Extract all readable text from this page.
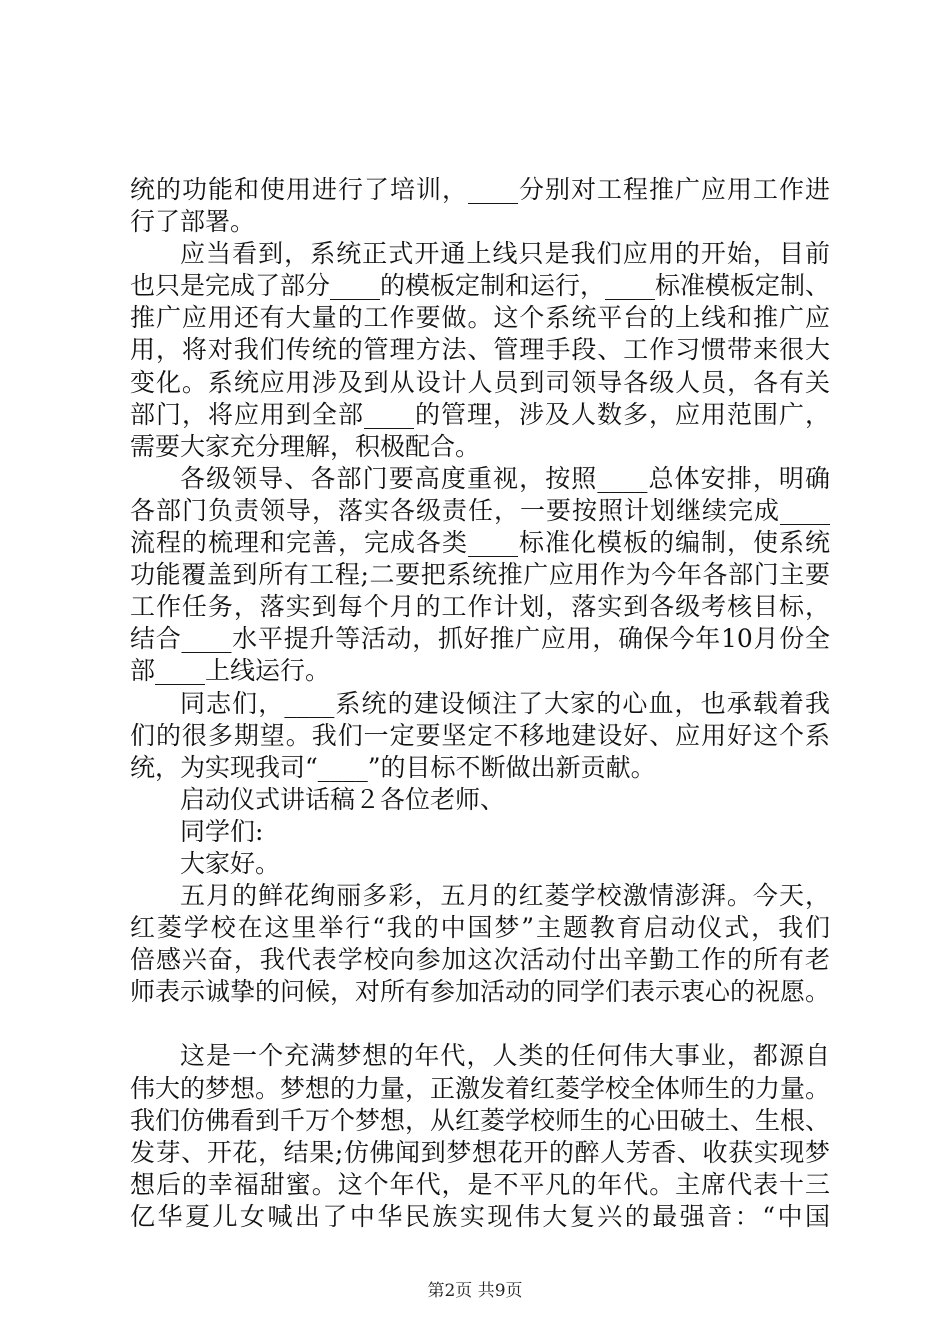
统的功能和使用进行了培训，____分别对工程推广应用工作进
行了部署。
应当看到，系统正式开通上线只是我们应用的开始，目前
也只是完成了部分____的模板定制和运行，____标准模板定制、
推广应用还有大量的工作要做。这个系统平台的上线和推广应
用，将对我们传统的管理方法、管理手段、工作习惯带来很大
变化。系统应用涉及到从设计人员到司领导各级人员，各有关
部门，将应用到全部____的管理，涉及人数多，应用范围广，
需要大家充分理解，积极配合。
各级领导、各部门要高度重视，按照____总体安排，明确
各部门负责领导，落实各级责任，一要按照计划继续完成____
流程的梳理和完善，完成各类____标准化模板的编制，使系统
功能覆盖到所有工程;二要把系统推广应用作为今年各部门主要
工作任务，落实到每个月的工作计划，落实到各级考核目标，
结合____水平提升等活动，抓好推广应用，确保今年10月份全
部____上线运行。
同志们，____系统的建设倾注了大家的心血，也承载着我
们的很多期望。我们一定要坚定不移地建设好、应用好这个系
统，为实现我司“____”的目标不断做出新贡献。
启动仪式讲话稿２各位老师、
同学们:
大家好。
五月的鲜花绚丽多彩，五月的红菱学校激情澎湃。今天，
红菱学校在这里举行“我的中国梦”主题教育启动仪式，我们
倍感兴奋，我代表学校向参加这次活动付出辛勤工作的所有老
师表示诚挚的问候，对所有参加活动的同学们表示衷心的祝愿。
这是一个充满梦想的年代，人类的任何伟大事业，都源自
伟大的梦想。梦想的力量，正激发着红菱学校全体师生的力量。
我们仿佛看到千万个梦想，从红菱学校师生的心田破土、生根、
发芽、开花，结果;仿佛闻到梦想花开的醉人芳香、收获实现梦
想后的幸福甜蜜。这个年代，是不平凡的年代。主席代表十三
亿华夏儿女喊出了中华民族实现伟大复兴的最强音：“中国
第2页 共9页
